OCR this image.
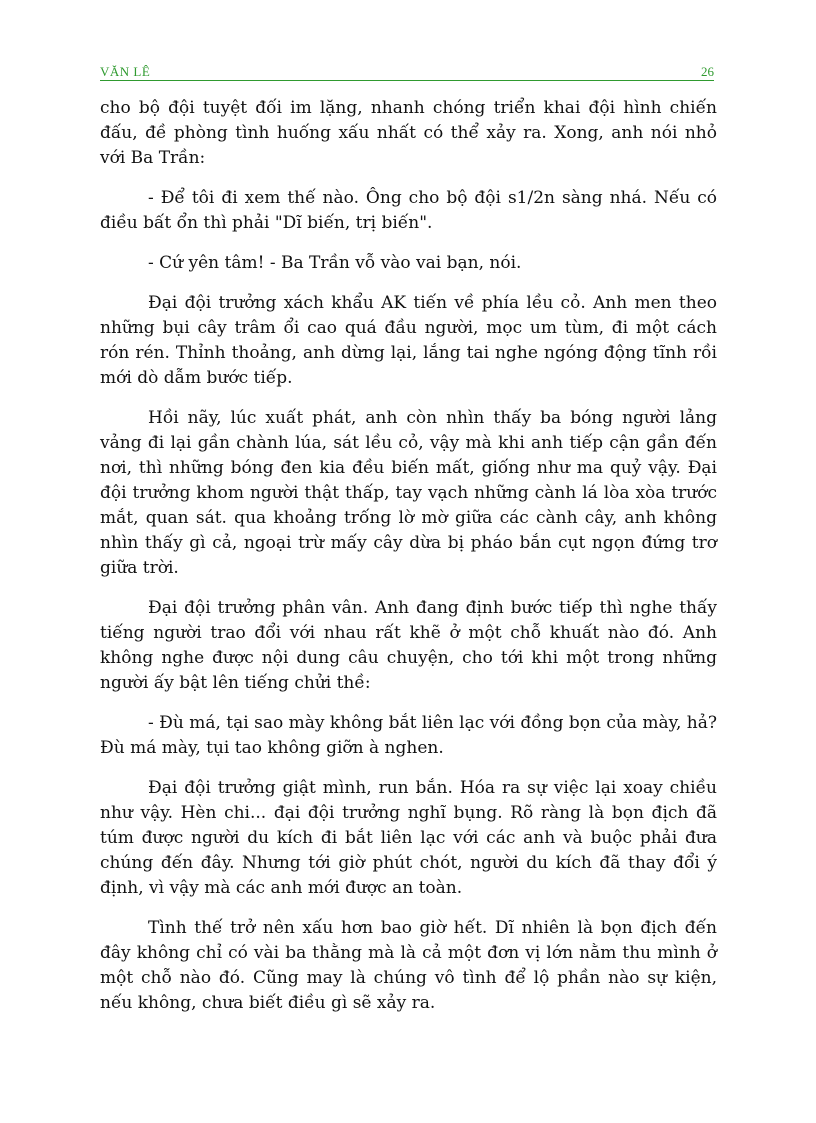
VĂN LÊ	26

cho bộ đội tuyệt đối im lặng, nhanh chóng triển khai đội hình chiến đấu, đề phòng tình huống xấu nhất có thể xảy ra. Xong, anh nói nhỏ với Ba Trần:

- Để tôi đi xem thế nào. Ông cho bộ đội s1/2n sàng nhá. Nếu có điều bất ổn thì phải "Dĩ biến, trị biến".

- Cứ yên tâm! - Ba Trần vỗ vào vai bạn, nói.

Đại đội trưởng xách khẩu AK tiến về phía lều cỏ. Anh men theo những bụi cây trâm ổi cao quá đầu người, mọc um tùm, đi một cách rón rén. Thỉnh thoảng, anh dừng lại, lắng tai nghe ngóng động tĩnh rồi mới dò dẫm bước tiếp.

Hồi nãy, lúc xuất phát, anh còn nhìn thấy ba bóng người lảng vảng đi lại gần chành lúa, sát lều cỏ, vậy mà khi anh tiếp cận gần đến nơi, thì những bóng đen kia đều biến mất, giống như ma quỷ vậy. Đại đội trưởng khom người thật thấp, tay vạch những cành lá lòa xòa trước mắt, quan sát. qua khoảng trống lờ mờ giữa các cành cây, anh không nhìn thấy gì cả, ngoại trừ mấy cây dừa bị pháo bắn cụt ngọn đứng trơ giữa trời.

Đại đội trưởng phân vân. Anh đang định bước tiếp thì nghe thấy tiếng người trao đổi với nhau rất khẽ ở một chỗ khuất nào đó. Anh không nghe được nội dung câu chuyện, cho tới khi một trong những người ấy bật lên tiếng chửi thề:

- Đù má, tại sao mày không bắt liên lạc với đồng bọn của mày, hả? Đù má mày, tụi tao không giỡn à nghen.

Đại đội trưởng giật mình, run bắn. Hóa ra sự việc lại xoay chiều như vậy. Hèn chi... đại đội trưởng nghĩ bụng. Rõ ràng là bọn địch đã túm được người du kích đi bắt liên lạc với các anh và buộc phải đưa chúng đến đây. Nhưng tới giờ phút chót, người du kích đã thay đổi ý định, vì vậy mà các anh mới được an toàn.

Tình thế trở nên xấu hơn bao giờ hết. Dĩ nhiên là bọn địch đến đây không chỉ có vài ba thằng mà là cả một đơn vị lớn nằm thu mình ở một chỗ nào đó. Cũng may là chúng vô tình để lộ phần nào sự kiện, nếu không, chưa biết điều gì sẽ xảy ra.
